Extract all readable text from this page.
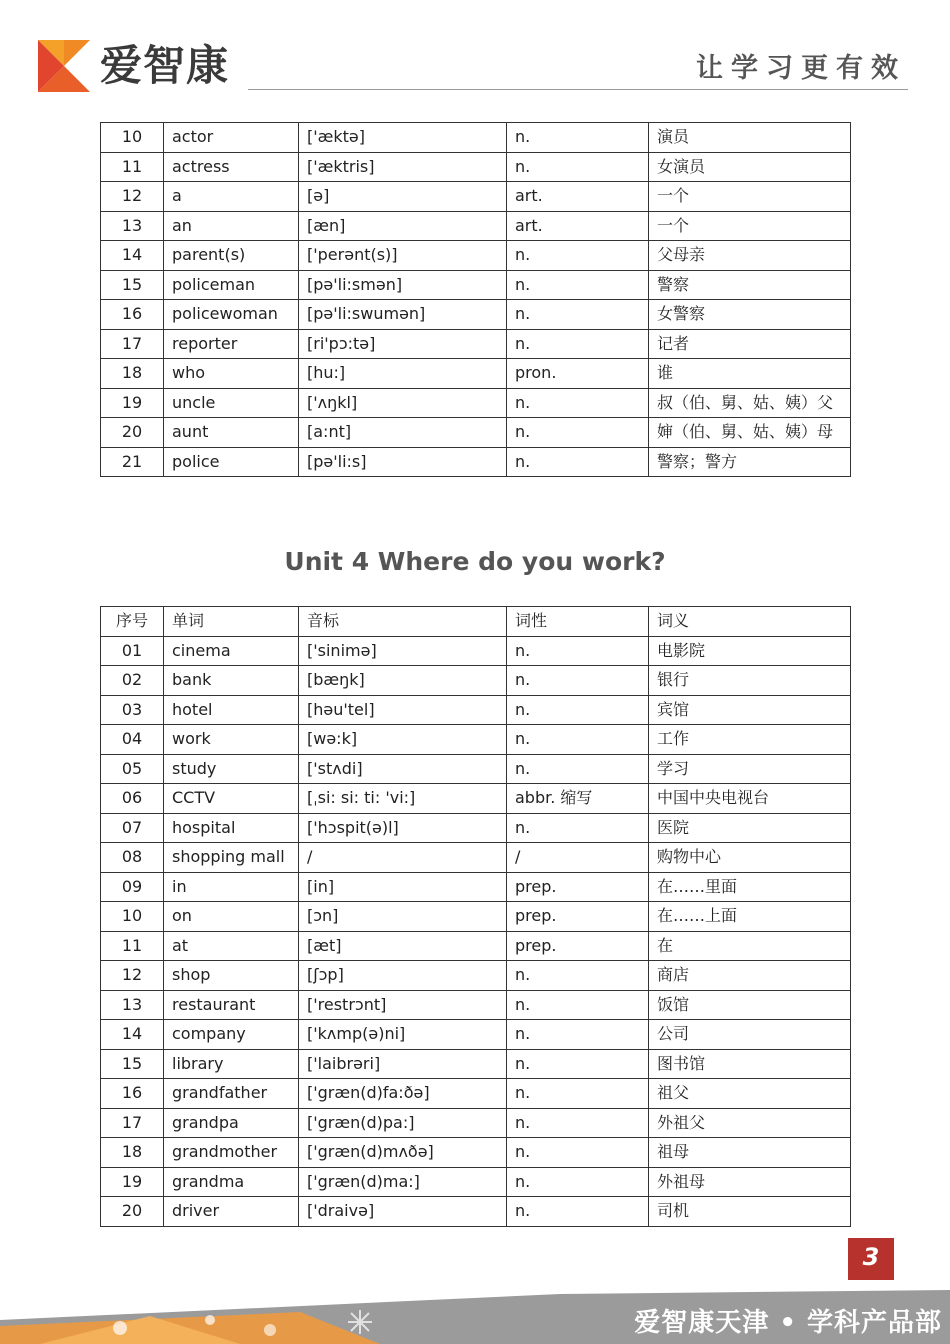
爱智康	让学习更有效
10	actor	['æktə]	n.	演员
11	actress	['æktris]	n.	女演员
12	a	[ə]	art.	一个
13	an	[æn]	art.	一个
14	parent(s)	['perənt(s)]	n.	父母亲
15	policeman	[pə'li:smən]	n.	警察
16	policewoman	[pə'li:swumən]	n.	女警察
17	reporter	[ri'pɔ:tə]	n.	记者
18	who	[hu:]	pron.	谁
19	uncle	['ʌŋkl]	n.	叔（伯、舅、姑、姨）父
20	aunt	[a:nt]	n.	婶（伯、舅、姑、姨）母
21	police	[pə'li:s]	n.	警察；警方
Unit 4 Where do you work?
序号	单词	音标	词性	词义
01	cinema	['sinimə]	n.	电影院
02	bank	[bæŋk]	n.	银行
03	hotel	[həu'tel]	n.	宾馆
04	work	[wə:k]	n.	工作
05	study	['stʌdi]	n.	学习
06	CCTV	[ˌsi: si: ti: 'vi:]	abbr. 缩写	中国中央电视台
07	hospital	['hɔspit(ə)l]	n.	医院
08	shopping mall	/	/	购物中心
09	in	[in]	prep.	在……里面
10	on	[ɔn]	prep.	在……上面
11	at	[æt]	prep.	在
12	shop	[ʃɔp]	n.	商店
13	restaurant	['restrɔnt]	n.	饭馆
14	company	['kʌmp(ə)ni]	n.	公司
15	library	['laibrəri]	n.	图书馆
16	grandfather	['græn(d)fa:ðə]	n.	祖父
17	grandpa	['græn(d)pa:]	n.	外祖父
18	grandmother	['græn(d)mʌðə]	n.	祖母
19	grandma	['græn(d)ma:]	n.	外祖母
20	driver	['draivə]	n.	司机
3
爱智康天津 • 学科产品部
